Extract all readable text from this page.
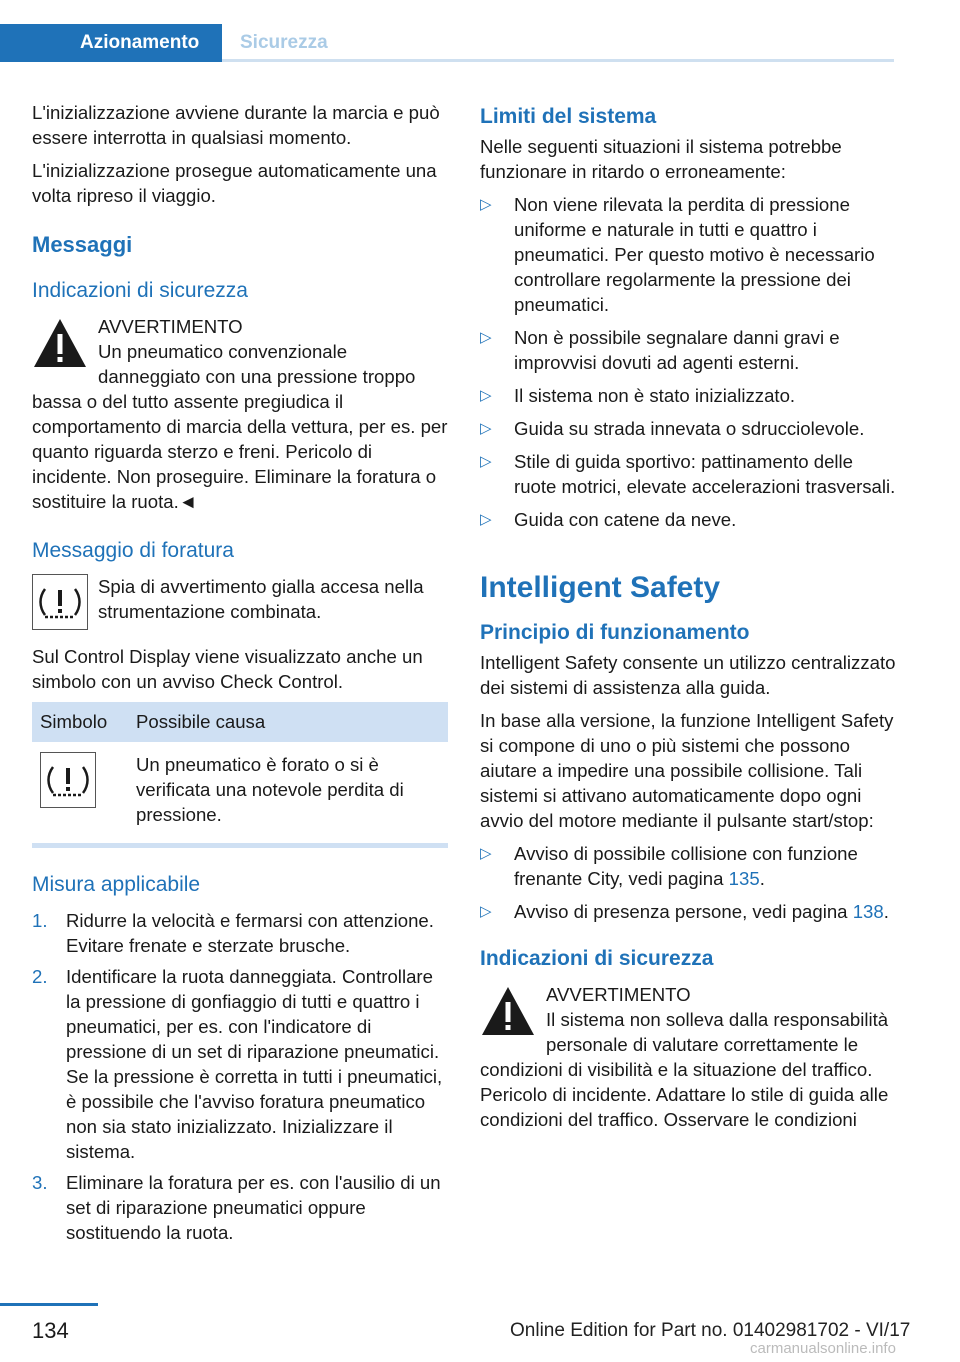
Azionamento	Sicurezza

L'inizializzazione avviene durante la marcia e può essere interrotta in qualsiasi momento.

L'inizializzazione prosegue automaticamente una volta ripreso il viaggio.

Messaggi
Indicazioni di sicurezza

AVVERTIMENTO

Un pneumatico convenzionale danneggiato con una pressione troppo bassa o del tutto assente pregiudica il comportamento di marcia della vettura, per es. per quanto riguarda sterzo e freni. Pericolo di incidente. Non proseguire. Eliminare la foratura o sostituire la ruota.◄

Messaggio di foratura

Spia di avvertimento gialla accesa nella strumentazione combinata.

Sul Control Display viene visualizzato anche un simbolo con un avviso Check Control.

Simbolo	Possibile causa

	Un pneumatico è forato o si è verificata una notevole perdita di pressione.
Misura applicabile
1. Ridurre la velocità e fermarsi con attenzione. Evitare frenate e sterzate brusche.
2. Identificare la ruota danneggiata. Controllare la pressione di gonfiaggio di tutti e quattro i pneumatici, per es. con l'indicatore di pressione di un set di riparazione pneumatici. Se la pressione è corretta in tutti i pneumatici, è possibile che l'avviso foratura pneumatico non sia stato inizializzato. Inizializzare il sistema.
3. Eliminare la foratura per es. con l'ausilio di un set di riparazione pneumatici oppure sostituendo la ruota.
Limiti del sistema

Nelle seguenti situazioni il sistema potrebbe funzionare in ritardo o erroneamente:

▷ Non viene rilevata la perdita di pressione uniforme e naturale in tutti e quattro i pneumatici. Per questo motivo è necessario controllare regolarmente la pressione dei pneumatici.
▷ Non è possibile segnalare danni gravi e improvvisi dovuti ad agenti esterni.
▷ Il sistema non è stato inizializzato.
▷ Guida su strada innevata o sdrucciolevole.
▷ Stile di guida sportivo: pattinamento delle ruote motrici, elevate accelerazioni trasversali.
▷ Guida con catene da neve.
Intelligent Safety
Principio di funzionamento

Intelligent Safety consente un utilizzo centralizzato dei sistemi di assistenza alla guida.

In base alla versione, la funzione Intelligent Safety si compone di uno o più sistemi che possono aiutare a impedire una possibile collisione. Tali sistemi si attivano automaticamente dopo ogni avvio del motore mediante il pulsante start/stop:

▷ Avviso di possibile collisione con funzione frenante City, vedi pagina 135.
▷ Avviso di presenza persone, vedi pagina 138.
Indicazioni di sicurezza

AVVERTIMENTO

Il sistema non solleva dalla responsabilità personale di valutare correttamente le condizioni di visibilità e la situazione del traffico. Pericolo di incidente. Adattare lo stile di guida alle condizioni del traffico. Osservare le condizioni

134	Online Edition for Part no. 01402981702 - VI/17
carmanualsonline.info
